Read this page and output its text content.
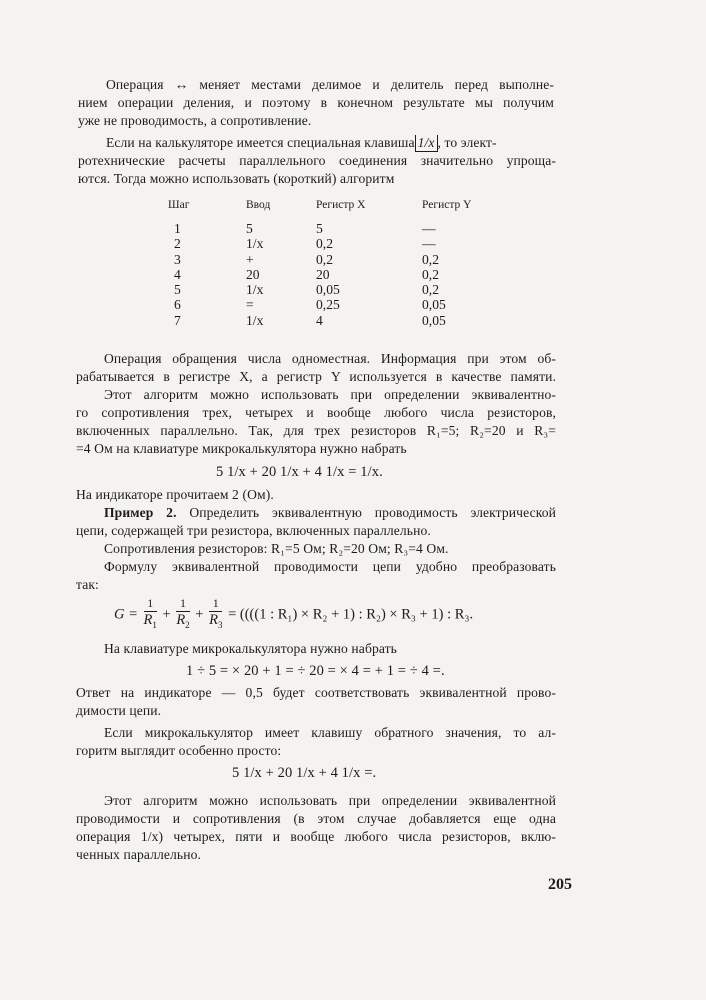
Операция ↔ меняет местами делимое и делитель перед выполне-
нием операции деления, и поэтому в конечном результате мы получим
уже не проводимость, а сопротивление.
Если на калькуляторе имеется специальная клавиша 1/x , то элект-
ротехнические расчеты параллельного соединения значительно упроща-
ются. Тогда можно использовать (короткий) алгоритм
Шаг	Ввод	Регистр X	Регистр Y
1	5	5	—
2	1/x	0,2	—
3	+	0,2	0,2
4	20	20	0,2
5	1/x	0,05	0,2
6	=	0,25	0,05
7	1/x	4	0,05
Операция обращения числа одноместная. Информация при этом об-
рабатывается в регистре X, а регистр Y используется в качестве памяти.
Этот алгоритм можно использовать при определении эквивалентно-
го сопротивления трех, четырех и вообще любого числа резисторов,
включенных параллельно. Так, для трех резисторов R₁=5; R₂=20 и R₃=
=4 Ом на клавиатуре микрокалькулятора нужно набрать
5 1/x + 20 1/x + 4 1/x = 1/x.
На индикаторе прочитаем 2 (Ом).
Пример 2. Определить эквивалентную проводимость электрической
цепи, содержащей три резистора, включенных параллельно.
Сопротивления резисторов: R₁=5 Ом; R₂=20 Ом; R₃=4 Ом.
Формулу эквивалентной проводимости цепи удобно преобразовать
так:
$G = \frac{1}{R_1} + \frac{1}{R_2} + \frac{1}{R_3} = ((((1$ : R₁) × R₂ + 1) : R₂) × R₃ + 1) : R₃.
На клавиатуре микрокалькулятора нужно набрать
1 ÷ 5 = × 20 + 1 = ÷ 20 = × 4 = + 1 = ÷ 4 =.
Ответ на индикаторе — 0,5 будет соответствовать эквивалентной прово-
димости цепи.
Если микрокалькулятор имеет клавишу обратного значения, то ал-
горитм выглядит особенно просто:
5 1/x + 20 1/x + 4 1/x =.
Этот алгоритм можно использовать при определении эквивалентной
проводимости и сопротивления (в этом случае добавляется еще одна
операция 1/x) четырех, пяти и вообще любого числа резисторов, вклю-
ченных параллельно.
205
